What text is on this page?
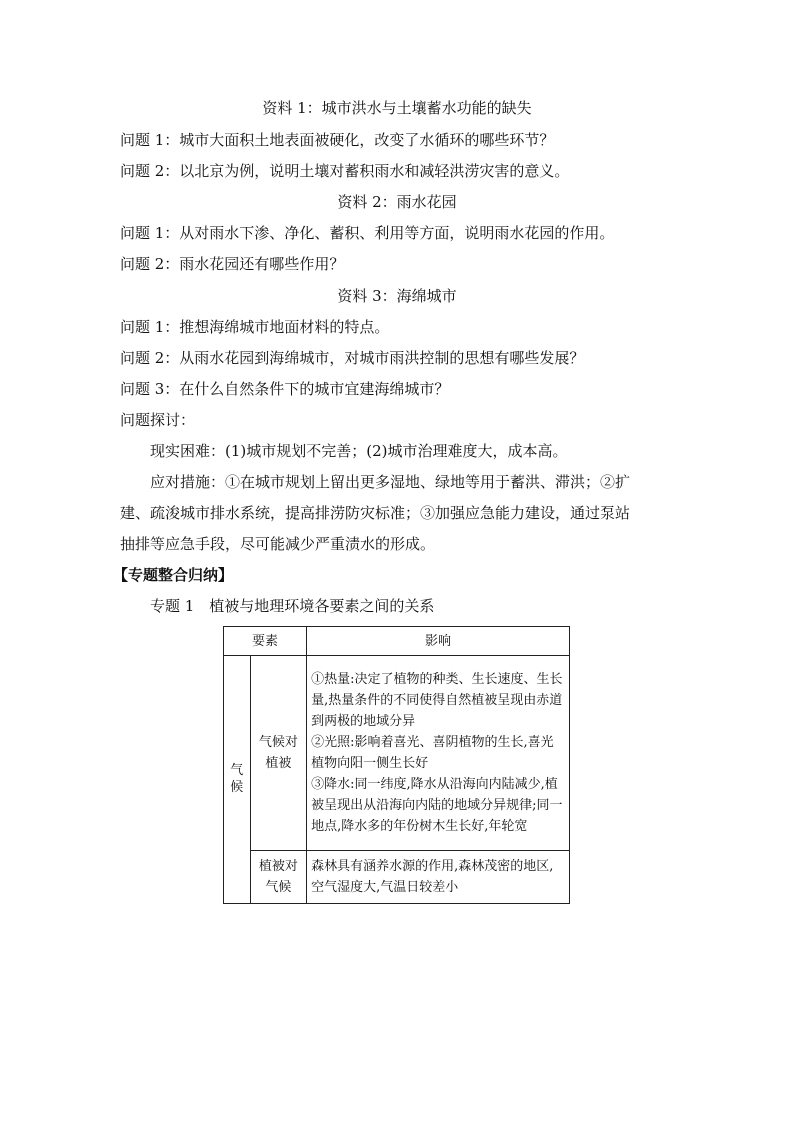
资料 1：城市洪水与土壤蓄水功能的缺失
问题 1：城市大面积土地表面被硬化，改变了水循环的哪些环节？
问题 2：以北京为例，说明土壤对蓄积雨水和减轻洪涝灾害的意义。
资料 2：雨水花园
问题 1：从对雨水下渗、净化、蓄积、利用等方面，说明雨水花园的作用。
问题 2：雨水花园还有哪些作用？
资料 3：海绵城市
问题 1：推想海绵城市地面材料的特点。
问题 2：从雨水花园到海绵城市，对城市雨洪控制的思想有哪些发展？
问题 3：在什么自然条件下的城市宜建海绵城市？
问题探讨：
现实困难：(1)城市规划不完善；(2)城市治理难度大，成本高。
应对措施：①在城市规划上留出更多湿地、绿地等用于蓄洪、滞洪；②扩
建、疏浚城市排水系统，提高排涝防灾标准；③加强应急能力建设，通过泵站
抽排等应急手段，尽可能减少严重渍水的形成。
【专题整合归纳】
专题 1　植被与地理环境各要素之间的关系
要素		影响
气候	气候对植被	①热量:决定了植物的种类、生长速度、生长量,热量条件的不同使得自然植被呈现由赤道到两极的地域分异
②光照:影响着喜光、喜阴植物的生长,喜光植物向阳一侧生长好
③降水:同一纬度,降水从沿海向内陆减少,植被呈现出从沿海向内陆的地域分异规律;同一地点,降水多的年份树木生长好,年轮宽

	植被对气候	森林具有涵养水源的作用,森林茂密的地区,空气湿度大,气温日较差小
